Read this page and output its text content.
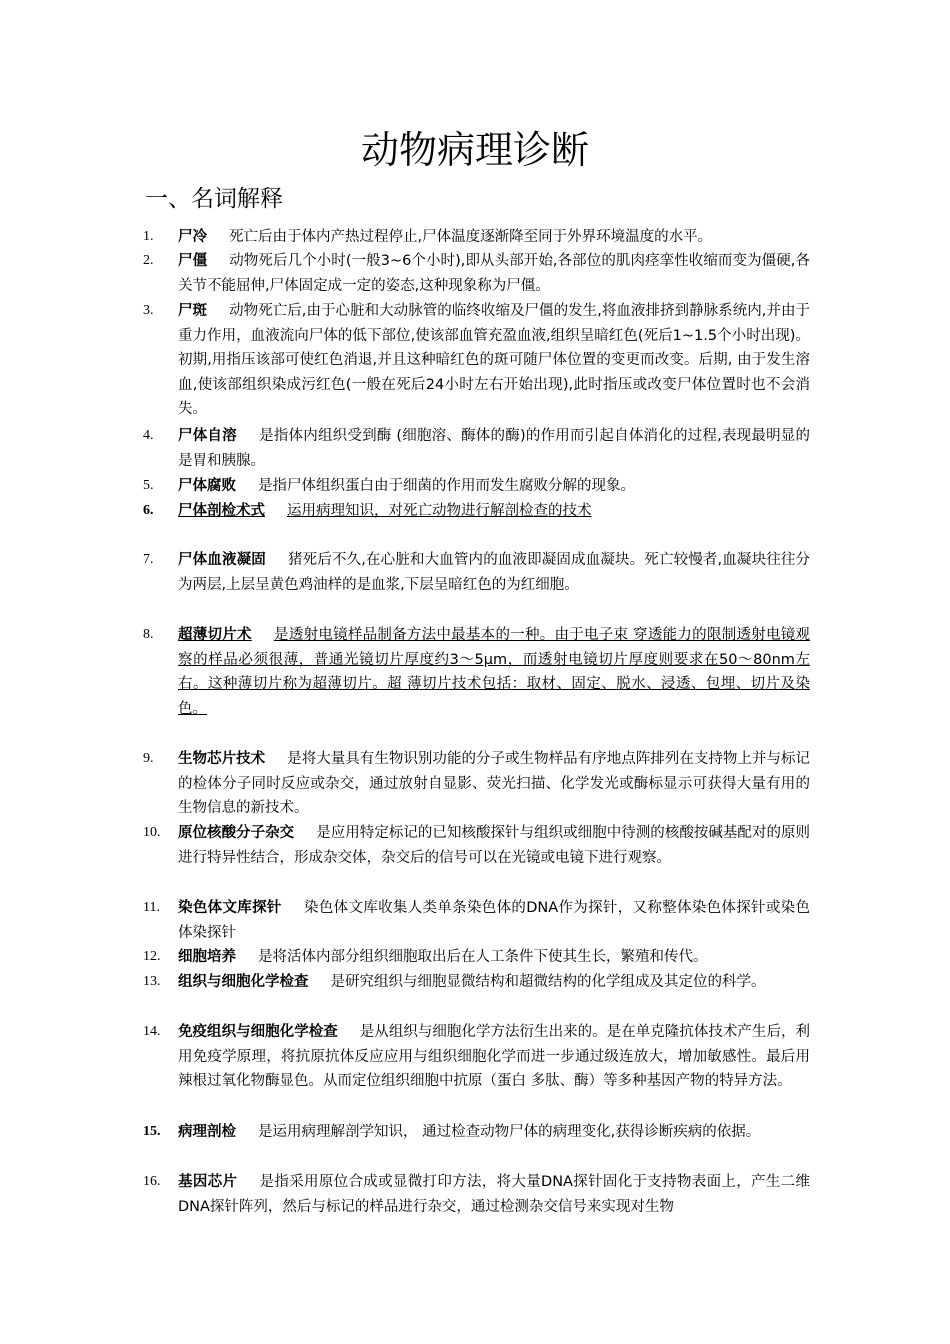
动物病理诊断
一、名词解释
1. 尸冷 死亡后由于体内产热过程停止,尸体温度逐渐降至同于外界环境温度的水平。
2. 尸僵 动物死后几个小时(一般3~6个小时),即从头部开始,各部位的肌肉痉挛性收缩而变为僵硬,各关节不能屈伸,尸体固定成一定的姿态,这种现象称为尸僵。
3. 尸斑 动物死亡后,由于心脏和大动脉管的临终收缩及尸僵的发生,将血液排挤到静脉系统内,并由于重力作用，血液流向尸体的低下部位,使该部血管充盈血液,组织呈暗红色(死后1~1.5个小时出现)。初期,用指压该部可使红色消退,并且这种暗红色的斑可随尸体位置的变更而改变。后期, 由于发生溶血,使该部组织染成污红色(一般在死后24小时左右开始出现),此时指压或改变尸体位置时也不会消失。
4. 尸体自溶 是指体内组织受到酶 (细胞溶、酶体的酶)的作用而引起自体消化的过程,表现最明显的是胃和胰腺。
5. 尸体腐败 是指尸体组织蛋白由于细菌的作用而发生腐败分解的现象。
6. 尸体剖检术式 运用病理知识，对死亡动物进行解剖检查的技术
7. 尸体血液凝固 猪死后不久,在心脏和大血管内的血液即凝固成血凝块。死亡较慢者,血凝块往往分为两层,上层呈黄色鸡油样的是血浆,下层呈暗红色的为红细胞。
8. 超薄切片术 是透射电镜样品制备方法中最基本的一种。由于电子束 穿透能力的限制透射电镜观察的样品必须很薄，普通光镜切片厚度约3～5μm，而透射电镜切片厚度则要求在50～80nm左右。这种薄切片称为超薄切片。超 薄切片技术包括：取材、固定、脱水、浸透、包埋、切片及染色。
9. 生物芯片技术 是将大量具有生物识别功能的分子或生物样品有序地点阵排列在支持物上并与标记的检体分子同时反应或杂交，通过放射自显影、荧光扫描、化学发光或酶标显示可获得大量有用的生物信息的新技术。
10. 原位核酸分子杂交 是应用特定标记的已知核酸探针与组织或细胞中待测的核酸按碱基配对的原则进行特异性结合，形成杂交体，杂交后的信号可以在光镜或电镜下进行观察。
11. 染色体文库探针 染色体文库收集人类单条染色体的DNA作为探针，又称整体染色体探针或染色体染探针
12. 细胞培养 是将活体内部分组织细胞取出后在人工条件下使其生长，繁殖和传代。
13. 组织与细胞化学检查 是研究组织与细胞显微结构和超微结构的化学组成及其定位的科学。
14. 免疫组织与细胞化学检查 是从组织与细胞化学方法衍生出来的。是在单克隆抗体技术产生后，利用免疫学原理，将抗原抗体反应应用与组织细胞化学而进一步通过级连放大，增加敏感性。最后用辣根过氧化物酶显色。从而定位组织细胞中抗原（蛋白 多肽、酶）等多种基因产物的特异方法。
15. 病理剖检 是运用病理解剖学知识， 通过检查动物尸体的病理变化,获得诊断疾病的依据。
16. 基因芯片 是指采用原位合成或显微打印方法，将大量DNA探针固化于支持物表面上，产生二维DNA探针阵列，然后与标记的样品进行杂交，通过检测杂交信号来实现对生物
